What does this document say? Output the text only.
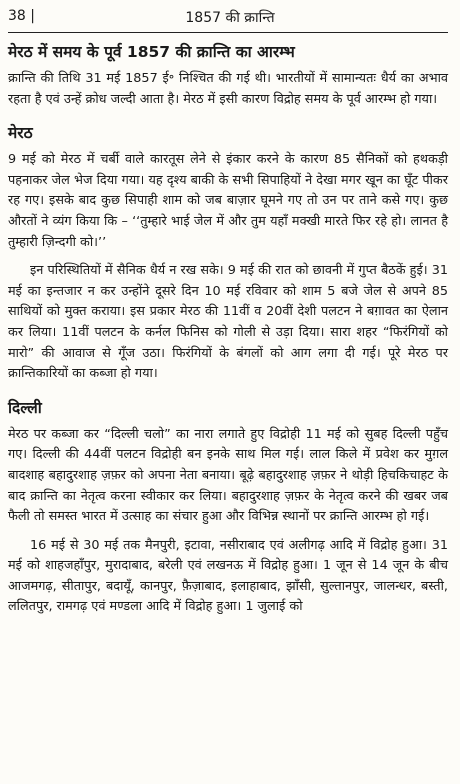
38 |	1857 की क्रान्ति
मेरठ में समय के पूर्व 1857 की क्रान्ति का आरम्भ

क्रान्ति की तिथि 31 मई 1857 ई॰ निश्चित की गई थी। भारतीयों में सामान्यतः धैर्य का अभाव रहता है एवं उन्हें क्रोध जल्दी आता है। मेरठ में इसी कारण विद्रोह समय के पूर्व आरम्भ हो गया।

मेरठ

9 मई को मेरठ में चर्बी वाले कारतूस लेने से इंकार करने के कारण 85 सैनिकों को हथकड़ी पहनाकर जेल भेज दिया गया। यह दृश्य बाकी के सभी सिपाहियों ने देखा मगर खून का घूँट पीकर रह गए। इसके बाद कुछ सिपाही शाम को जब बाज़ार घूमने गए तो उन पर ताने कसे गए। कुछ औरतों ने व्यंग किया कि – ‘‘तुम्हारे भाई जेल में और तुम यहाँ मक्खी मारते फिर रहे हो। लानत है तुम्हारी ज़िन्दगी को।’’

इन परिस्थितियों में सैनिक धैर्य न रख सके। 9 मई की रात को छावनी में गुप्त बैठकें हुई। 31 मई का इन्तजार न कर उन्होंने दूसरे दिन 10 मई रविवार को शाम 5 बजे जेल से अपने 85 साथियों को मुक्त कराया। इस प्रकार मेरठ की 11वीं व 20वीं देशी पलटन ने बग़ावत का ऐलान कर लिया। 11वीं पलटन के कर्नल फिनिस को गोली से उड़ा दिया। सारा शहर “फिरंगियों को मारो” की आवाज से गूँज उठा। फिरंगियों के बंगलों को आग लगा दी गई। पूरे मेरठ पर क्रान्तिकारियों का कब्जा हो गया।

दिल्ली

मेरठ पर कब्जा कर “दिल्ली चलो” का नारा लगाते हुए विद्रोही 11 मई को सुबह दिल्ली पहुँच गए। दिल्ली की 44वीं पलटन विद्रोही बन इनके साथ मिल गई। लाल किले में प्रवेश कर मुग़ल बादशाह बहादुरशाह ज़फ़र को अपना नेता बनाया। बूढ़े बहादुरशाह ज़फ़र ने थोड़ी हिचकिचाहट के बाद क्रान्ति का नेतृत्व करना स्वीकार कर लिया। बहादुरशाह ज़फ़र के नेतृत्व करने की खबर जब फैली तो समस्त भारत में उत्साह का संचार हुआ और विभिन्न स्थानों पर क्रान्ति आरम्भ हो गई।

16 मई से 30 मई तक मैनपुरी, इटावा, नसीराबाद एवं अलीगढ़ आदि में विद्रोह हुआ। 31 मई को शाहजहाँपुर, मुरादाबाद, बरेली एवं लखनऊ में विद्रोह हुआ। 1 जून से 14 जून के बीच आजमगढ़, सीतापुर, बदायूँ, कानपुर, फ़ैज़ाबाद, इलाहाबाद, झाँसी, सुल्तानपुर, जालन्धर, बस्ती, ललितपुर, रामगढ़ एवं मण्डला आदि में विद्रोह हुआ। 1 जुलाई को
